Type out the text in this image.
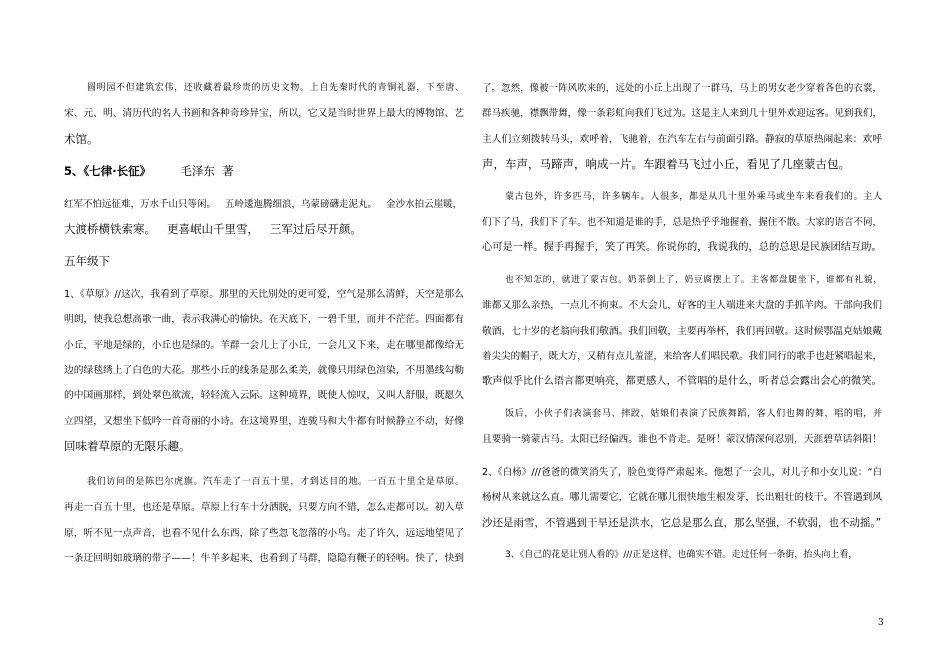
圆明园不但建筑宏伟，还收藏着最珍贵的历史文物。上自先秦时代的青铜礼器，下至唐、

宋、元、明、清历代的名人书画和各种奇珍异宝，所以，它又是当时世界上最大的博物馆、艺

术馆。

5、《七律·长征》	毛泽东  著

红军不怕远征难，万水千山只等闲。   五岭逶迤腾细浪，乌蒙磅礴走泥丸。   金沙水拍云崖暖，

大渡桥横铁索寒。   更喜岷山千里雪，   三军过后尽开颜。

五年级下

1、《草原》//这次，我看到了草原。那里的天比别处的更可爱，空气是那么清鲜，天空是那么

明朗，使我总想高歌一曲，表示我满心的愉快。在天底下，一碧千里，而并不茫茫。四面都有

小丘，平地是绿的，小丘也是绿的。羊群一会儿上了小丘，一会儿又下来，走在哪里都像给无

边的绿毯绣上了白色的大花。那些小丘的线条是那么柔美，就像只用绿色渲染，不用墨线勾勒

的中国画那样，到处翠色欲流，轻轻流入云际。这种境界，既使人惊叹，又叫人舒服，既愿久

立四望，又想坐下低吟一首奇丽的小诗。在这境界里，连骏马和大牛都有时候静立不动，好像

回味着草原的无限乐趣。

我们访问的是陈巴尔虎旗。汽车走了一百五十里，才到达目的地。一百五十里全是草原。

再走一百五十里，也还是草原。草原上行车十分洒脱，只要方向不错，怎么走都可以。初入草

原，听不见一点声音，也看不见什么东西，除了些忽飞忽落的小鸟。走了许久，远远地望见了

一条迂回明如玻璃的带子——！牛羊多起来，也看到了马群，隐隐有鞭子的轻响。快了，快到

了。忽然，像被一阵风吹来的，远处的小丘上出现了一群马，马上的男女老少穿着各色的衣裳，

群马疾驰，襟飘带舞，像一条彩虹向我们飞过为。这是主人来到几十里外欢迎远客。见到我们，

主人们立刻拨转马头，欢呼着，飞驰着，在汽车左右与前面引路。静寂的草原热闹起来：欢呼

声，车声，马蹄声，响成一片。车跟着马飞过小丘，看见了几座蒙古包。

蒙古包外，许多匹马，许多辆车。人很多，都是从几十里外乘马或坐车来看我们的。主人

们下了马，我们下了车。也不知道是谁的手，总是热乎乎地握着，握住不散。大家的语言不同，

心可是一样。握手再握手，笑了再笑。你说你的，我说我的，总的总思是民族团结互助。

也不知怎的，就进了蒙古包。奶茶倒上了，奶豆腐摆上了。主客都盘腿坐下，谁都有礼貌，

谁都又那么亲热，一点儿不拘束。不大会儿，好客的主人端进来大盘的手抓羊肉。干部向我们

敬酒，七十岁的老翁向我们敬酒。我们回敬，主要再举杯，我们再回敬。这时候鄂温克姑娘戴

着尖尖的帽子，既大方，又稍有点儿羞涩，来给客人们唱民歌。我们同行的歌手也赶紧唱起来，

歌声似乎比什么语言都更响亮，都更感人，不管唱的是什么，听者总会露出会心的微笑。

饭后，小伙子们表演套马、摔跤，姑娘们表演了民族舞蹈，客人们也舞的舞，唱的唱，并

且要骑一骑蒙古马。太阳已经偏西。谁也不肯走。是呀！蒙汉情深何忍别，天涯碧草话斜阳！

2、《白杨》///爸爸的微笑消失了，脸色变得严肃起来。他想了一会儿，对儿子和小女儿说：“白

杨树从来就这么直。哪儿需要它，它就在哪儿很快地生根发芽，长出粗壮的枝干。不管遇到风

沙还是雨雪，不管遇到干旱还是洪水，它总是那么直，那么坚强，不软弱，也不动摇。”

3、《自己的花是让别人看的》///正是这样，也确实不错。走过任何一条街，抬头向上看，

3
